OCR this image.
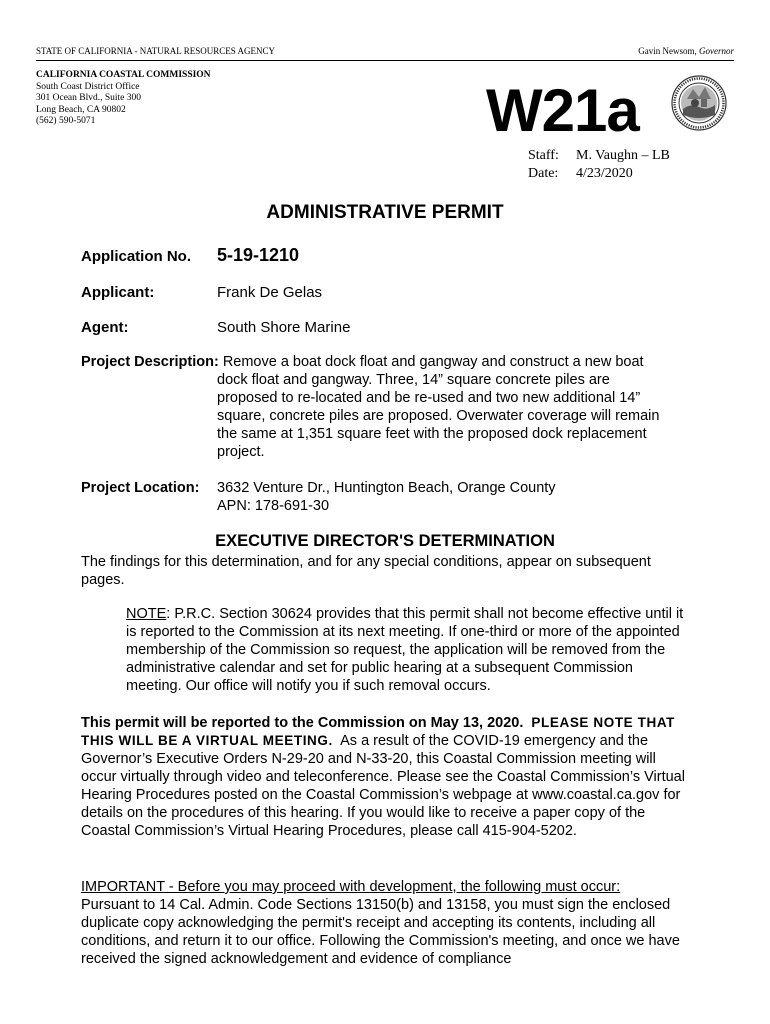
STATE OF CALIFORNIA - NATURAL RESOURCES AGENCY	Gavin Newsom, Governor
CALIFORNIA COASTAL COMMISSION
South Coast District Office
301 Ocean Blvd., Suite 300
Long Beach, CA 90802
(562) 590-5071	W21a
Staff:	M. Vaughn – LB
Date:	4/23/2020
ADMINISTRATIVE PERMIT
Application No. 5-19-1210
Applicant:	Frank De Gelas
Agent:	South Shore Marine
Project Description: Remove a boat dock float and gangway and construct a new boat
dock float and gangway. Three, 14” square concrete piles are
proposed to re-located and be re-used and two new additional 14”
square, concrete piles are proposed. Overwater coverage will remain
the same at 1,351 square feet with the proposed dock replacement
project.
Project Location: 3632 Venture Dr., Huntington Beach, Orange County
APN: 178-691-30
EXECUTIVE DIRECTOR'S DETERMINATION
The findings for this determination, and for any special conditions, appear on subsequent pages.
NOTE: P.R.C. Section 30624 provides that this permit shall not become effective until it is reported to the Commission at its next meeting. If one-third or more of the appointed membership of the Commission so request, the application will be removed from the administrative calendar and set for public hearing at a subsequent Commission meeting. Our office will notify you if such removal occurs.
This permit will be reported to the Commission on May 13, 2020. PLEASE NOTE THAT THIS WILL BE A VIRTUAL MEETING. As a result of the COVID-19 emergency and the Governor’s Executive Orders N-29-20 and N-33-20, this Coastal Commission meeting will occur virtually through video and teleconference. Please see the Coastal Commission’s Virtual Hearing Procedures posted on the Coastal Commission’s webpage at www.coastal.ca.gov for details on the procedures of this hearing. If you would like to receive a paper copy of the Coastal Commission’s Virtual Hearing Procedures, please call 415-904-5202.
IMPORTANT - Before you may proceed with development, the following must occur:
Pursuant to 14 Cal. Admin. Code Sections 13150(b) and 13158, you must sign the enclosed duplicate copy acknowledging the permit's receipt and accepting its contents, including all conditions, and return it to our office. Following the Commission's meeting, and once we have received the signed acknowledgement and evidence of compliance
